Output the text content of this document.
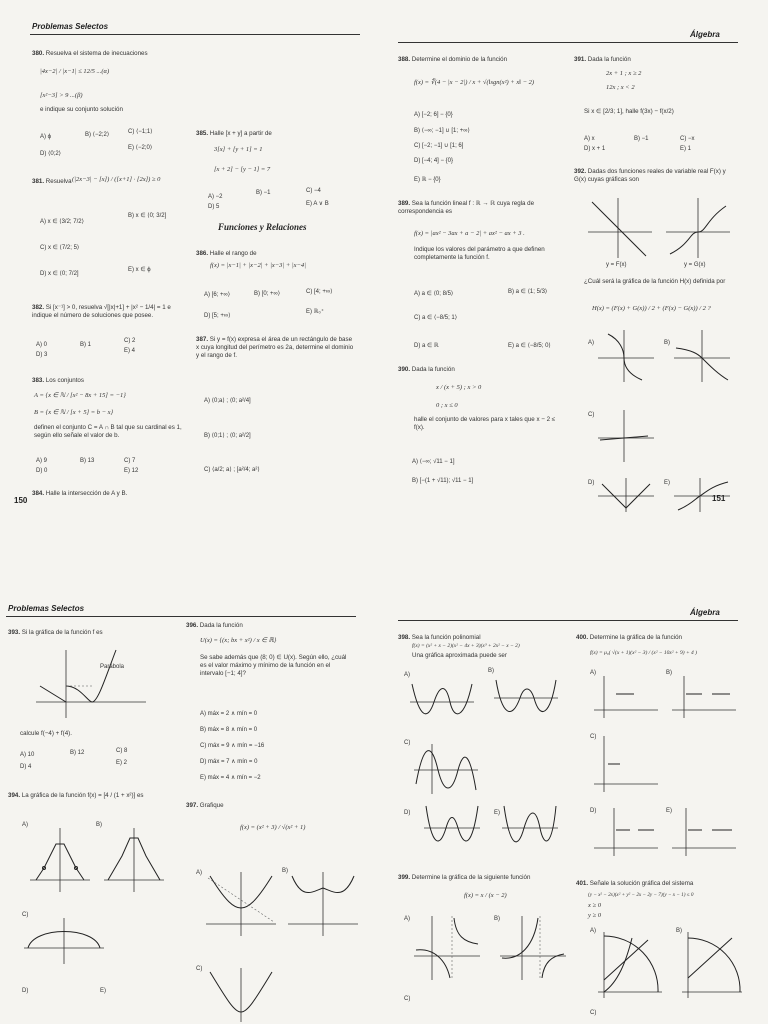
Problemas Selectos
380. Resuelva el sistema de inecuaciones
|4x−2| / |x−1| ≤ 12/5 ...(α)
[x²−3] > 9 ...(β)
e indique su conjunto solución
A) ϕ	B) ⟨−2;2⟩	C) ⟨−1;1⟩
D) ⟨0;2⟩
E) ⟨−2;0⟩
381. Resuelva (|2x−3| − [x]) / ([x+1] · [2x]) ≥ 0
A) x ∈ ⟨3/2; 7/2⟩
B) x ∈ ⟨0; 3/2]
C) x ∈ ⟨7/2; 5⟩
D) x ∈ ⟨0; 7/2]
E) x ∈ ϕ
382. Si [x⁻¹] > 0, resuelva √[|x|+1] + |x² − 1/4| = 1 e indique el número de soluciones que posee.
A) 0	B) 1
C) 2
D) 3
E) 4
383. Los conjuntos
A = {x ∈ ℕ / [x² − 8x + 15] = −1}
B = {x ∈ ℕ / [x + 5] = b − x}
definen el conjunto C = A ∩ B tal que su cardinal es 1, según ello señale el valor de b.
A) 9	B) 13	C) 7
D) 0	E) 12
384. Halle la intersección de A y B.
385. Halle [x + y] a partir de
3[x] + [y + 1] = 1
[x + 2] − [y − 1] = 7
A) −2
B) −1	C) −4
D) 5	E) A ∨ B
Funciones y Relaciones
386. Halle el rango de
f(x) = |x−1| + |x−2| + |x−3| + |x−4|
A) [6; +∞⟩	B) [0; +∞⟩	C) [4; +∞⟩
D) [5; +∞⟩
E) ℝ₀⁺
387. Si y = f(x) expresa el área de un rectángulo de base x cuya longitud del perímetro es 2a, determine el dominio y el rango de f.
A) ⟨0;a⟩ ; ⟨0; a²/4]
B) ⟨0;1⟩ ; ⟨0; a²/2]
C) ⟨a/2; a⟩ ; [a²/4; a²⟩
Álgebra
388. Determine el dominio de la función
f(x) = ∜(4 − |x − 2|) / x + √(‖sgn(x²) + x‖ − 2)
A) [−2; 6] − {0}
B) ⟨−∞; −1] ∪ [1; +∞⟩
C) [−2; −1] ∪ [1; 6]
D) [−4; 4] − {0}
E) ℝ − {0}
389. Sea la función lineal f : ℝ → ℝ cuya regla de correspondencia es
f(x) = |ax² − 3ax + a − 2| + ax² − ax + 3 .
Indique los valores del parámetro a que definen completamente la función f.
A) a ∈ ⟨0; 8/5⟩	B) a ∈ ⟨1; 5/3⟩
C) a ∈ ⟨−8/5; 1⟩
D) a ∈ ℝ	E) a ∈ ⟨−8/5; 0⟩
390. Dada la función
x / (x + 5) ; x > 0
0 ; x ≤ 0
halle el conjunto de valores para x tales que x − 2 ≤ f(x).
A) ⟨−∞; √11 − 1]
B) [−(1 + √11); √11 − 1]
391. Dada la función
2x + 1 ; x ≥ 2
12x ; x < 2
Si x ∈ [2/3; 1], halle f(3x) − f(x/2)
A) x	B) −1	C) −x
D) x + 1	E) 1
392. Dadas dos funciones reales de variable real F(x) y G(x) cuyas gráficas son
y = F(x)	y = G(x)
¿Cuál será la gráfica de la función H(x) definida por
H(x) = (F(x) + G(x)) / 2 + (F(x) − G(x)) / 2 ?
A)	B)
C)
D)	E)
Problemas Selectos
393. Si la gráfica de la función f es
Parábola
calcule f(−4) + f(4).
A) 10	B) 12	C) 8
D) 4
E) 2
394. La gráfica de la función f(x) = [4 / (1 + x²)] es
A)	B)
C)
D)	E)
396. Dada la función
U(x) = {(x; bx + x²) / x ∈ ℝ}
Se sabe además que (8; 0) ∈ U(x). Según ello, ¿cuál es el valor máximo y mínimo de la función en el intervalo [−1; 4]?
A) máx = 2 ∧ mín = 0
B) máx = 8 ∧ mín = 0
C) máx = 9 ∧ mín = −16
D) máx = 7 ∧ mín = 0
E) máx = 4 ∧ mín = −2
397. Grafique
f(x) = (x² + 3) / √(x² + 1)
A)	B)
C)
Álgebra
398. Sea la función polinomial
f(x) = (x² + x − 2)(x² − 4x + 3)(x³ + 2x² − x − 2)
Una gráfica aproximada puede ser
A)
B)
C)
D)	E)
399. Determine la gráfica de la siguiente función
f(x) = x / (x − 2)
A)	B)
C)
400. Determine la gráfica de la función
f(x) = μ₀( √(x + 1)(x² − 3) / (x² − 10x² + 9) + 4 )
A)	B)
C)
D)	E)
401. Señale la solución gráfica del sistema
(y − x² − 2x)(x² + y² − 2x − 2y − 7)(y − x − 1) ≤ 0
x ≥ 0
y ≥ 0
A)	B)
C)
150	151
